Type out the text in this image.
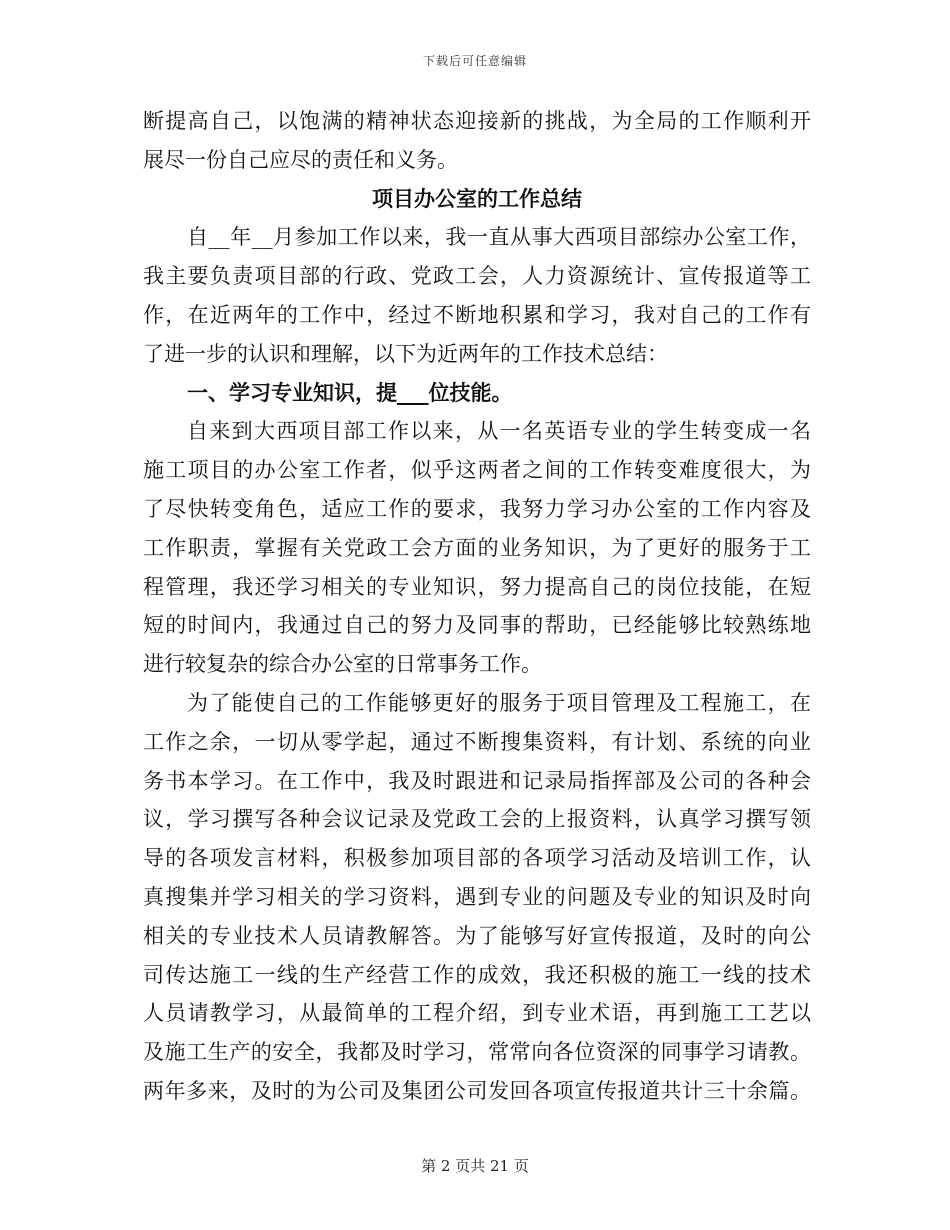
下载后可任意编辑
断提高自己，以饱满的精神状态迎接新的挑战，为全局的工作顺利开
展尽一份自己应尽的责任和义务。
项目办公室的工作总结
自__年__月参加工作以来，我一直从事大西项目部综办公室工作，
我主要负责项目部的行政、党政工会，人力资源统计、宣传报道等工
作，在近两年的工作中，经过不断地积累和学习，我对自己的工作有
了进一步的认识和理解，以下为近两年的工作技术总结：
一、学习专业知识，提___位技能。
自来到大西项目部工作以来，从一名英语专业的学生转变成一名
施工项目的办公室工作者，似乎这两者之间的工作转变难度很大，为
了尽快转变角色，适应工作的要求，我努力学习办公室的工作内容及
工作职责，掌握有关党政工会方面的业务知识，为了更好的服务于工
程管理，我还学习相关的专业知识，努力提高自己的岗位技能，在短
短的时间内，我通过自己的努力及同事的帮助，已经能够比较熟练地
进行较复杂的综合办公室的日常事务工作。
为了能使自己的工作能够更好的服务于项目管理及工程施工，在
工作之余，一切从零学起，通过不断搜集资料，有计划、系统的向业
务书本学习。在工作中，我及时跟进和记录局指挥部及公司的各种会
议，学习撰写各种会议记录及党政工会的上报资料，认真学习撰写领
导的各项发言材料，积极参加项目部的各项学习活动及培训工作，认
真搜集并学习相关的学习资料，遇到专业的问题及专业的知识及时向
相关的专业技术人员请教解答。为了能够写好宣传报道，及时的向公
司传达施工一线的生产经营工作的成效，我还积极的施工一线的技术
人员请教学习，从最简单的工程介绍，到专业术语，再到施工工艺以
及施工生产的安全，我都及时学习，常常向各位资深的同事学习请教。
两年多来，及时的为公司及集团公司发回各项宣传报道共计三十余篇。
第 2 页共 21 页
